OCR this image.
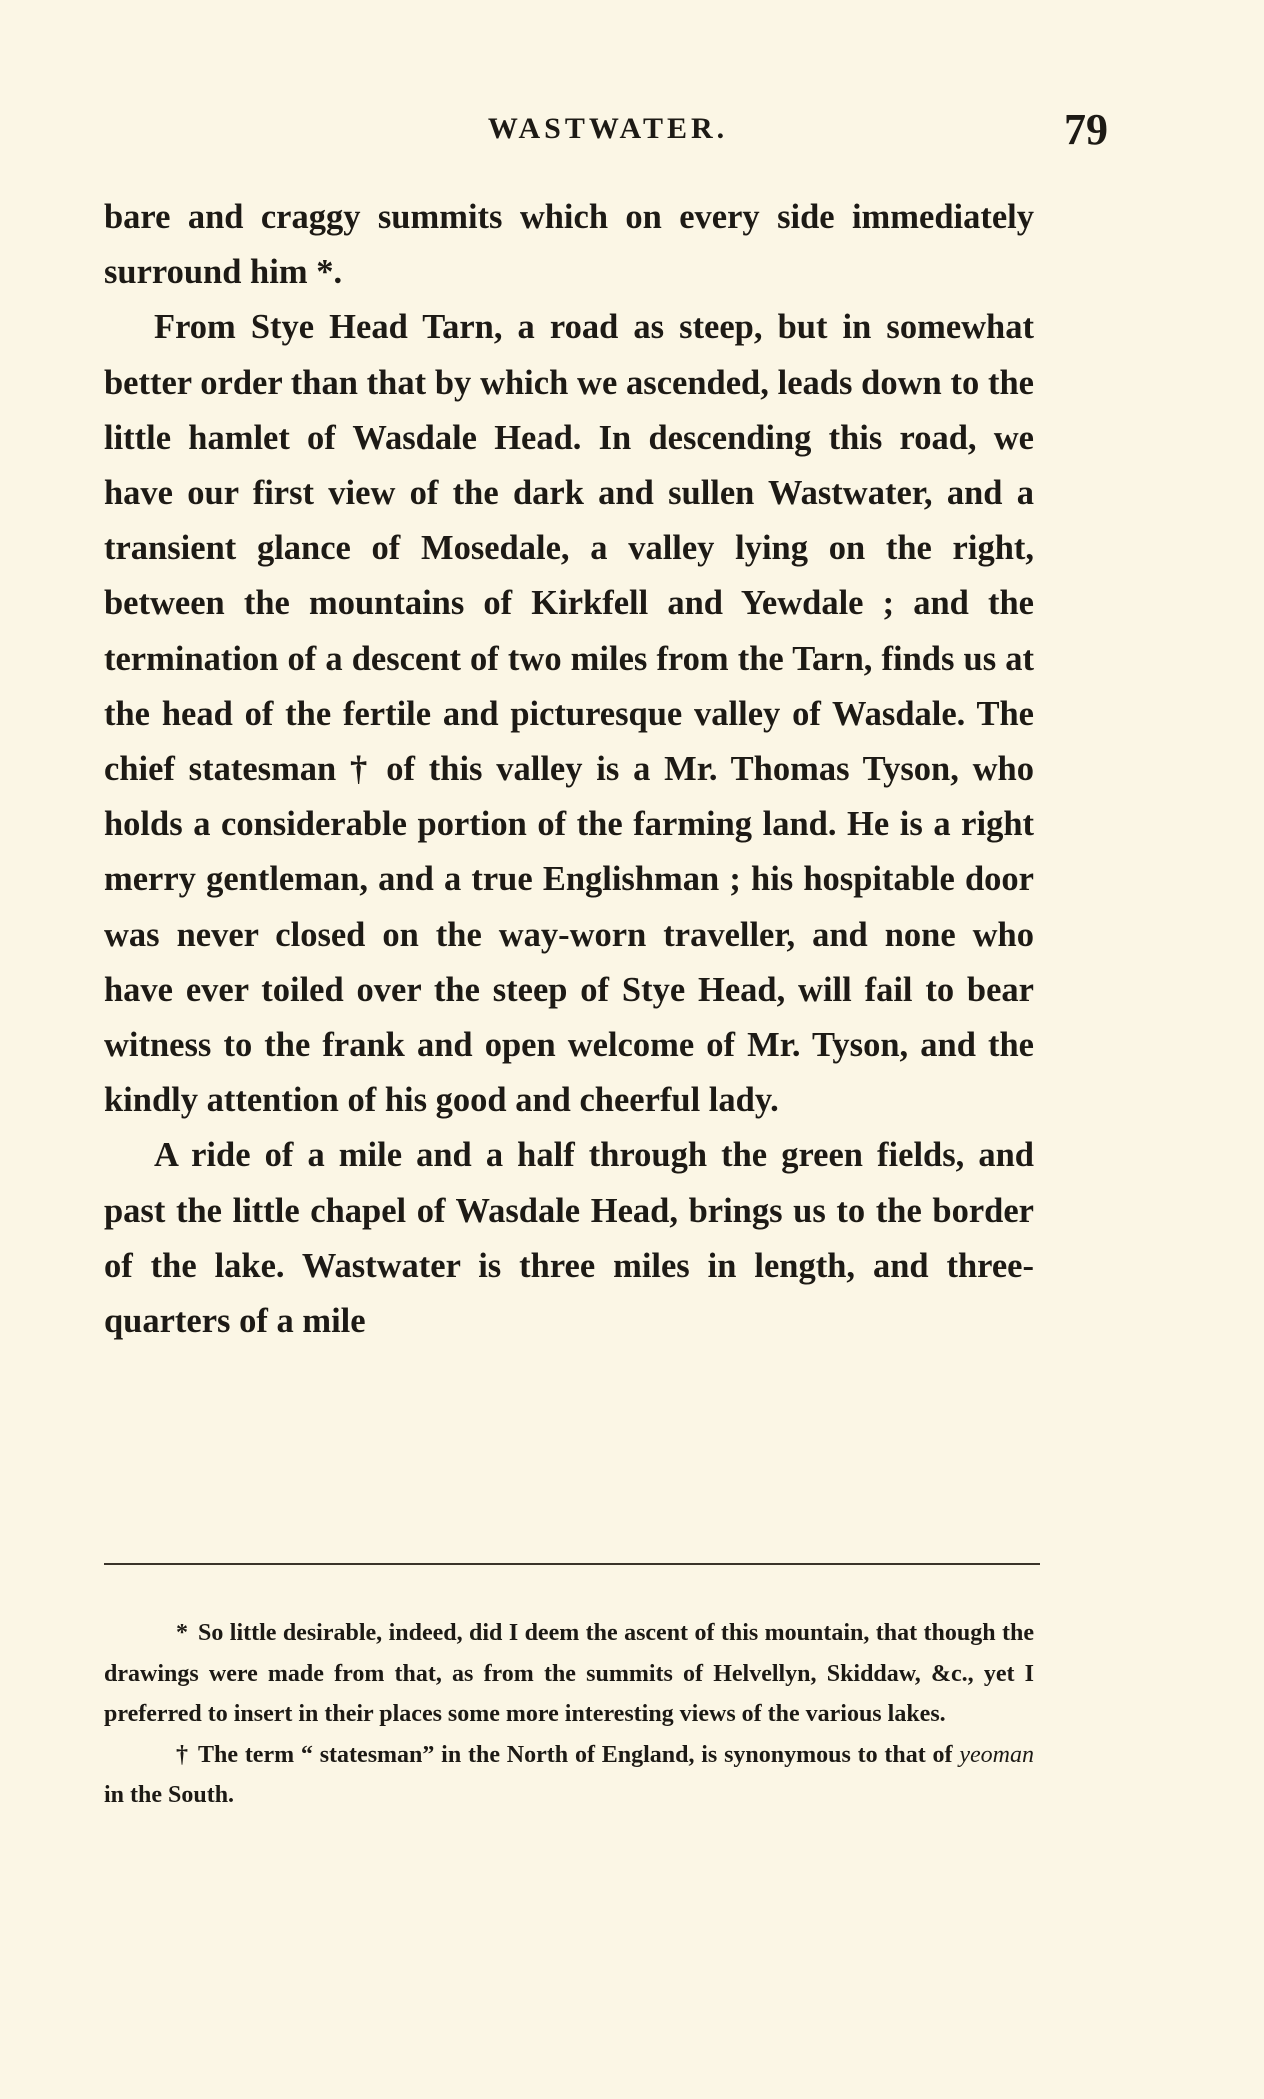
WASTWATER.	79

bare and craggy summits which on every side immediately surround him *.

From Stye Head Tarn, a road as steep, but in somewhat better order than that by which we ascended, leads down to the little hamlet of Wasdale Head. In descending this road, we have our first view of the dark and sullen Wastwater, and a transient glance of Mosedale, a valley lying on the right, between the mountains of Kirkfell and Yewdale ; and the termination of a descent of two miles from the Tarn, finds us at the head of the fertile and picturesque valley of Wasdale. The chief statesman † of this valley is a Mr. Thomas Tyson, who holds a considerable portion of the farming land. He is a right merry gentleman, and a true Englishman ; his hospitable door was never closed on the way-worn traveller, and none who have ever toiled over the steep of Stye Head, will fail to bear witness to the frank and open welcome of Mr. Tyson, and the kindly attention of his good and cheerful lady.

A ride of a mile and a half through the green fields, and past the little chapel of Wasdale Head, brings us to the border of the lake. Wastwater is three miles in length, and three-quarters of a mile

* So little desirable, indeed, did I deem the ascent of this mountain, that though the drawings were made from that, as from the summits of Helvellyn, Skiddaw, &c., yet I preferred to insert in their places some more interesting views of the various lakes.

† The term “ statesman” in the North of England, is synonymous to that of yeoman in the South.
